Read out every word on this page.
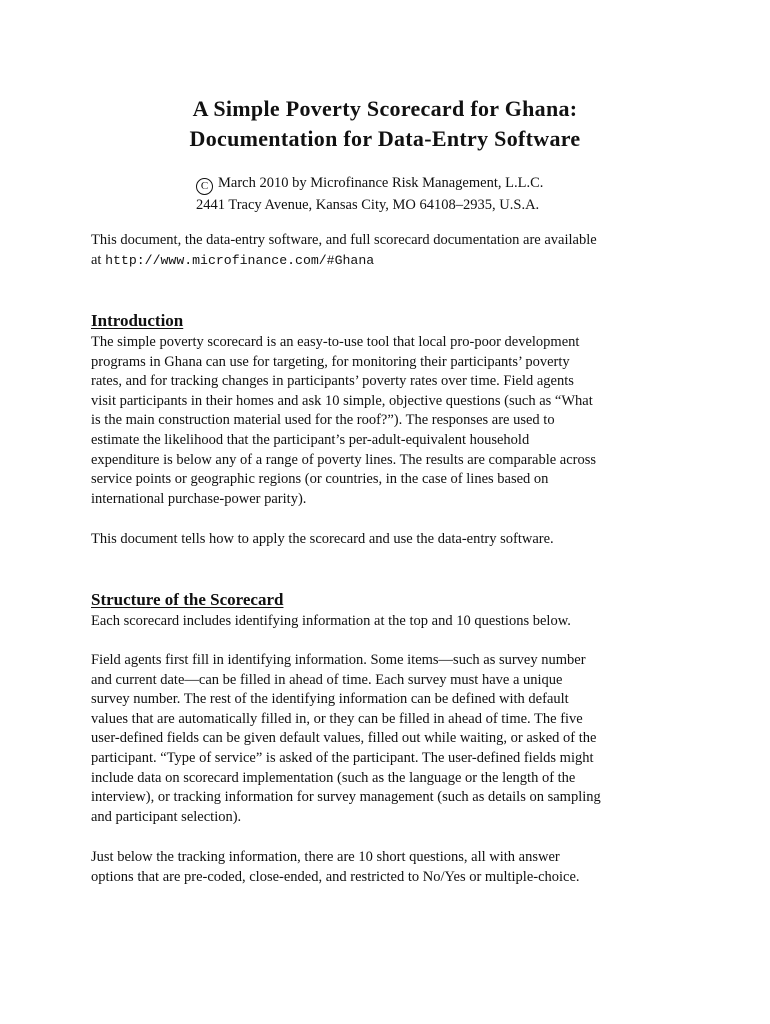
A Simple Poverty Scorecard for Ghana:
Documentation for Data-Entry Software
C March 2010 by Microfinance Risk Management, L.L.C.
2441 Tracy Avenue, Kansas City, MO 64108–2935, U.S.A.
This document, the data-entry software, and full scorecard documentation are available
at http://www.microfinance.com/#Ghana
Introduction
The simple poverty scorecard is an easy-to-use tool that local pro-poor development
programs in Ghana can use for targeting, for monitoring their participants’ poverty
rates, and for tracking changes in participants’ poverty rates over time. Field agents
visit participants in their homes and ask 10 simple, objective questions (such as “What
is the main construction material used for the roof?”). The responses are used to
estimate the likelihood that the participant’s per-adult-equivalent household
expenditure is below any of a range of poverty lines. The results are comparable across
service points or geographic regions (or countries, in the case of lines based on
international purchase-power parity).
This document tells how to apply the scorecard and use the data-entry software.
Structure of the Scorecard
Each scorecard includes identifying information at the top and 10 questions below.
Field agents first fill in identifying information. Some items—such as survey number
and current date—can be filled in ahead of time. Each survey must have a unique
survey number. The rest of the identifying information can be defined with default
values that are automatically filled in, or they can be filled in ahead of time. The five
user-defined fields can be given default values, filled out while waiting, or asked of the
participant. “Type of service” is asked of the participant. The user-defined fields might
include data on scorecard implementation (such as the language or the length of the
interview), or tracking information for survey management (such as details on sampling
and participant selection).
Just below the tracking information, there are 10 short questions, all with answer
options that are pre-coded, close-ended, and restricted to No/Yes or multiple-choice.
